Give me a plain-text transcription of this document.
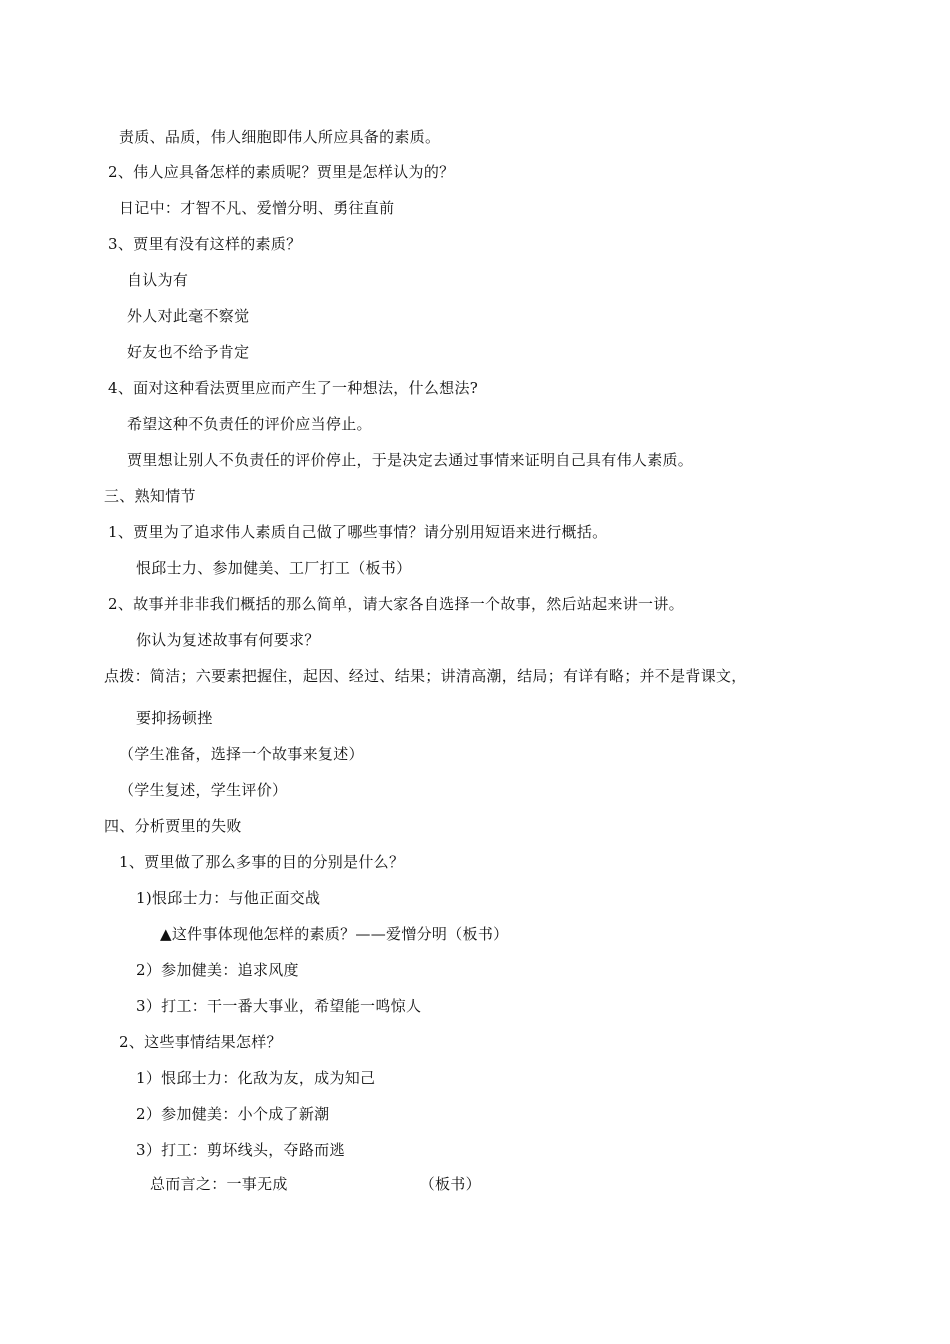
责质、品质，伟人细胞即伟人所应具备的素质。
2、伟人应具备怎样的素质呢？贾里是怎样认为的？
日记中：才智不凡、爱憎分明、勇往直前
3、贾里有没有这样的素质？
自认为有
外人对此毫不察觉
好友也不给予肯定
4、面对这种看法贾里应而产生了一种想法，什么想法?
希望这种不负责任的评价应当停止。
贾里想让别人不负责任的评价停止，于是决定去通过事情来证明自己具有伟人素质。
三、熟知情节
1、贾里为了追求伟人素质自己做了哪些事情？请分别用短语来进行概括。
恨邱士力、参加健美、工厂打工（板书）
2、故事并非非我们概括的那么简单，请大家各自选择一个故事，然后站起来讲一讲。
你认为复述故事有何要求？
点拨：简洁；六要素把握住，起因、经过、结果；讲清高潮，结局；有详有略；并不是背课文，
要抑扬顿挫
（学生准备，选择一个故事来复述）
（学生复述，学生评价）
四、分析贾里的失败
1、贾里做了那么多事的目的分别是什么？
1)恨邱士力：与他正面交战
▲这件事体现他怎样的素质？——爱憎分明（板书）
2）参加健美：追求风度
3）打工：干一番大事业，希望能一鸣惊人
2、这些事情结果怎样？
1）恨邱士力：化敌为友，成为知己
2）参加健美：小个成了新潮
3）打工：剪坏线头，夺路而逃
总而言之：一事无成	（板书）
